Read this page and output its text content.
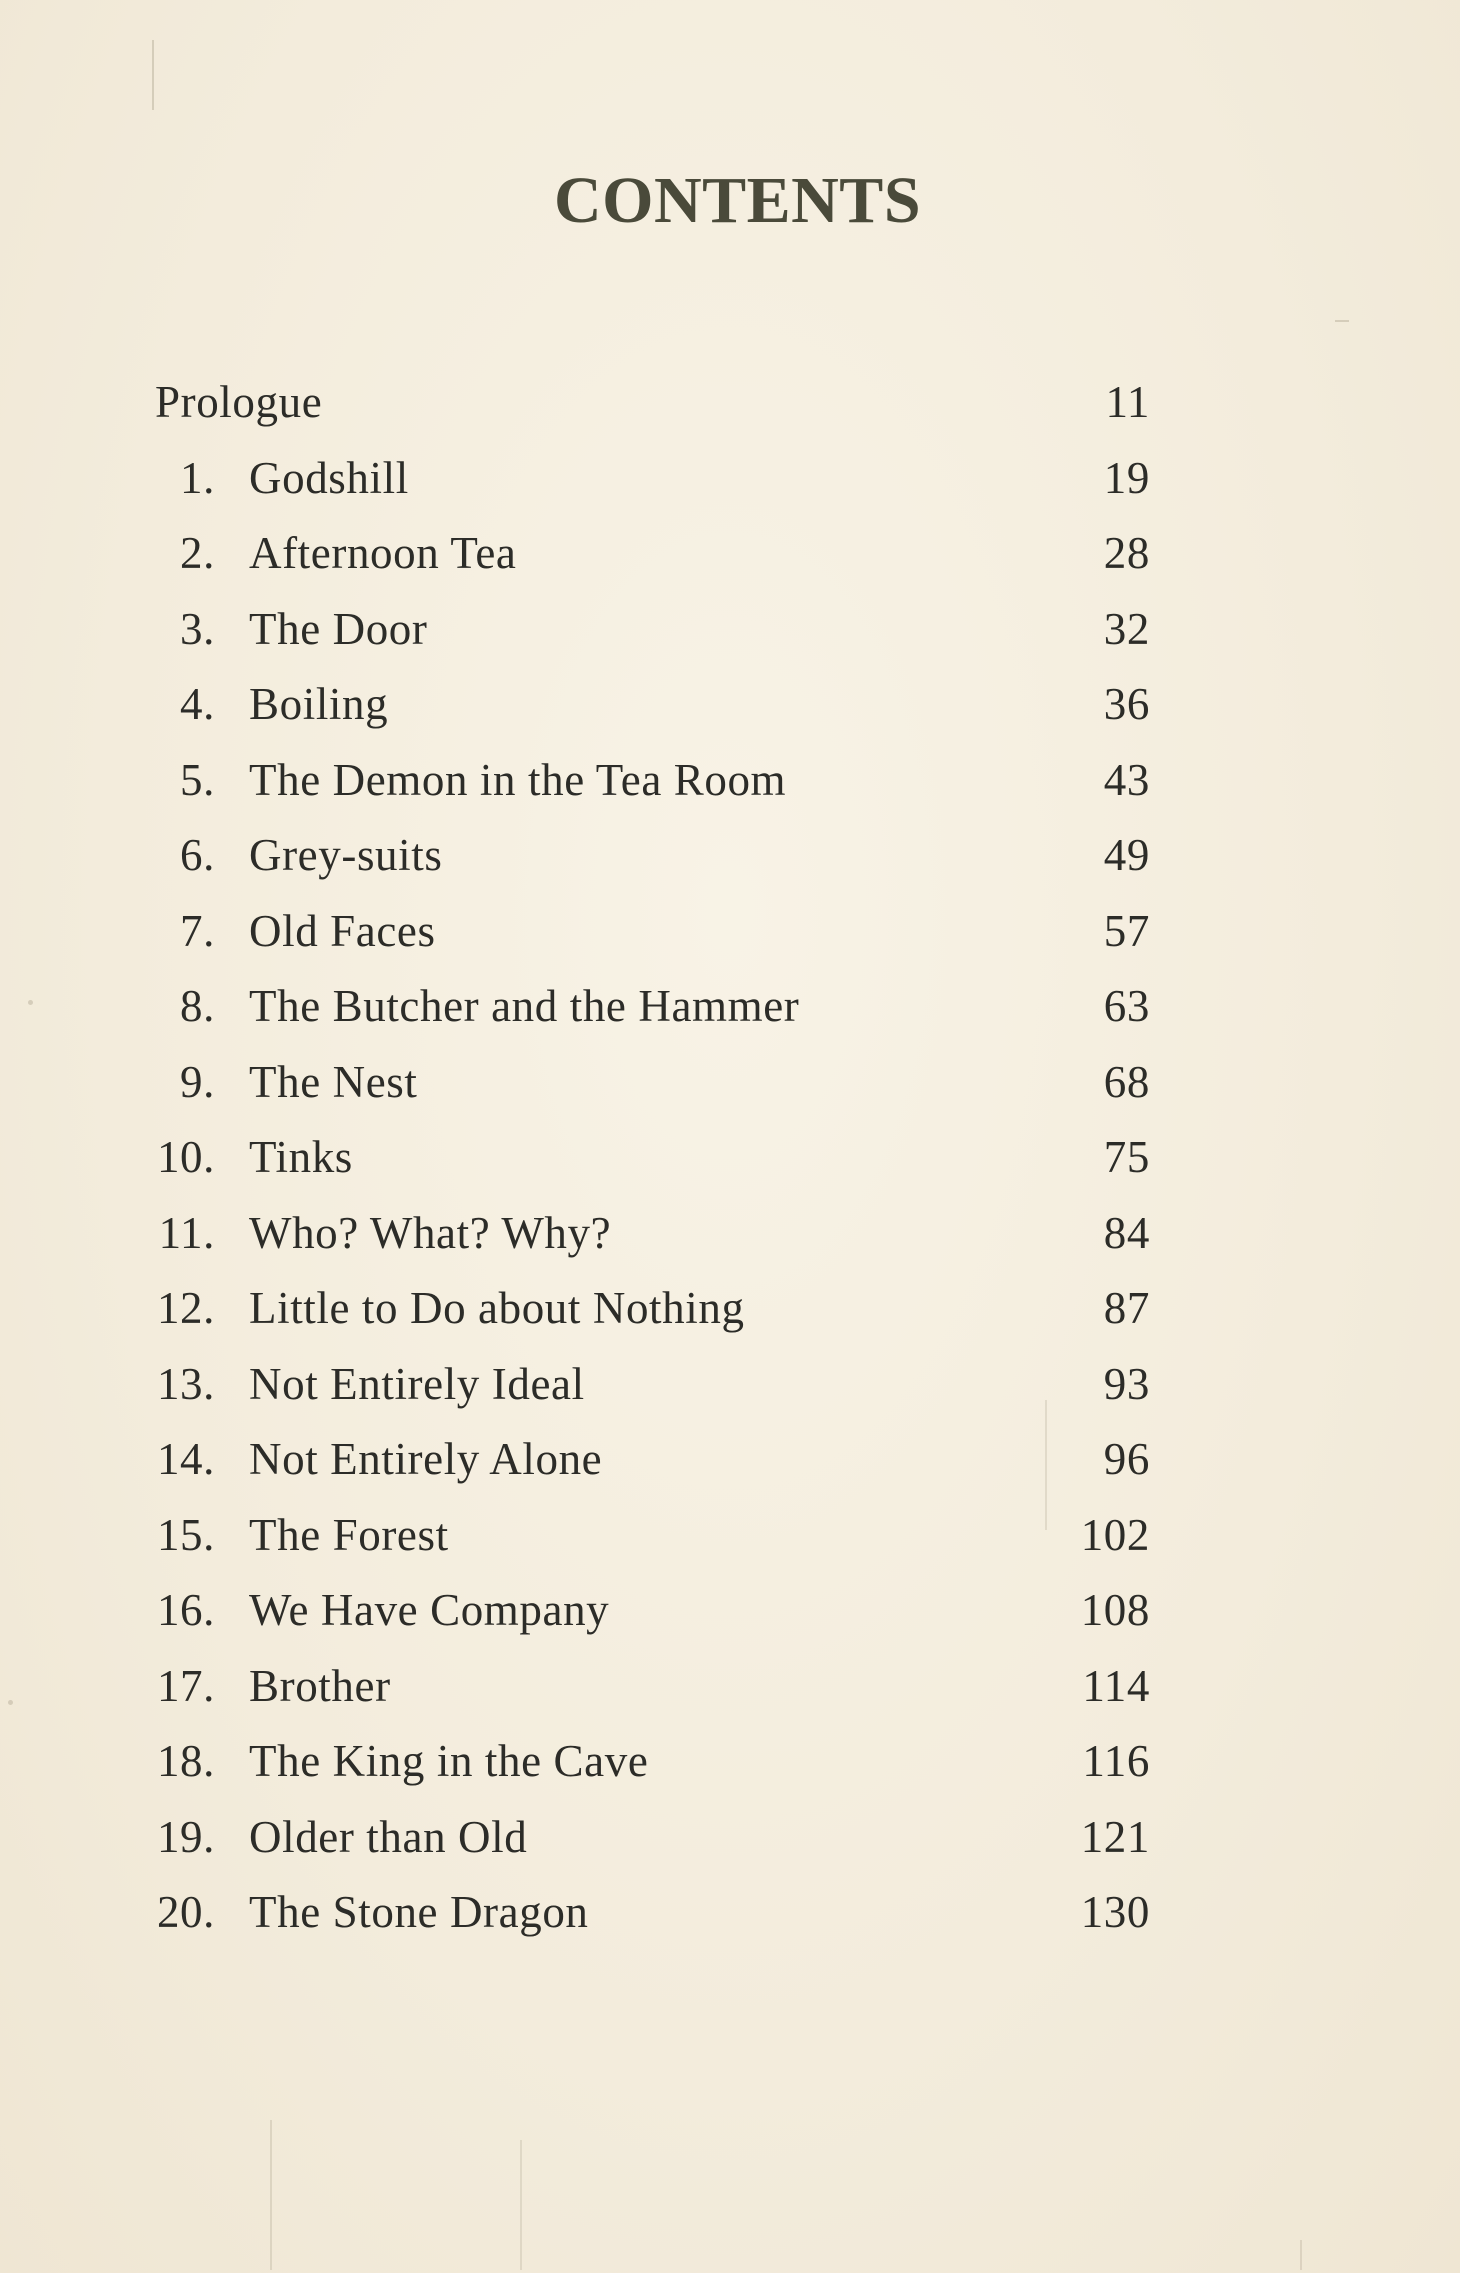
CONTENTS
Prologue	11
1. Godshill	19
2. Afternoon Tea	28
3. The Door	32
4. Boiling	36
5. The Demon in the Tea Room	43
6. Grey-suits	49
7. Old Faces	57
8. The Butcher and the Hammer	63
9. The Nest	68
10. Tinks	75
11. Who? What? Why?	84
12. Little to Do about Nothing	87
13. Not Entirely Ideal	93
14. Not Entirely Alone	96
15. The Forest	102
16. We Have Company	108
17. Brother	114
18. The King in the Cave	116
19. Older than Old	121
20. The Stone Dragon	130
